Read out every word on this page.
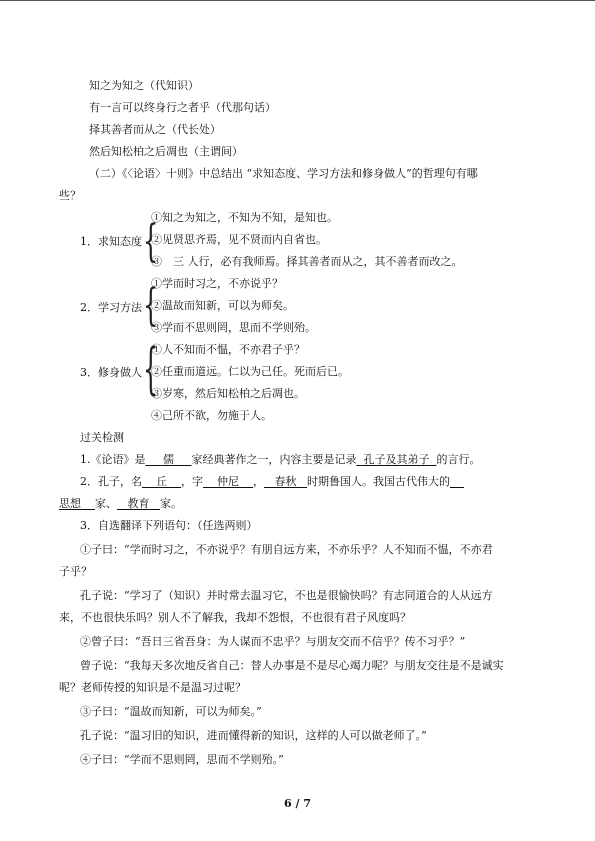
知之为知之（代知识）
有一言可以终身行之者乎（代那句话）
择其善者而从之（代长处）
然后知松柏之后凋也（主谓间）
（二）《〈论语〉十则》中总结出 “求知态度、学习方法和修身做人”的哲理句有哪
些？
1．求知态度 {
①知之为知之，不知为不知，是知也。
②见贤思齐焉，见不贤而内自省也。
③　三 人行，必有我师焉。择其善者而从之，其不善者而改之。
2．学习方法 {
①学而时习之，不亦说乎？
②温故而知新，可以为师矣。
③学而不思则罔，思而不学则殆。
3．修身做人 {
①人不知而不愠，不亦君子乎？
②任重而道远。仁以为己任。死而后已。
③岁寒，然后知松柏之后凋也。
④己所不欲，勿施于人。
过关检测
1.《论语》是 儒 家经典著作之一，内容主要是记录 孔子及其弟子 的言行。
2．孔子，名 丘 ，字 仲尼 ， 春秋 时期鲁国人。我国古代伟大的
思想 家、 教育 家。
3．自选翻译下列语句：（任选两则）
①子曰：“学而时习之，不亦说乎？有朋自远方来，不亦乐乎？人不知而不愠，不亦君
子乎？
孔子说：“学习了（知识）并时常去温习它，不也是很愉快吗？有志同道合的人从远方
来，不也很快乐吗？别人不了解我，我却不怨恨，不也很有君子风度吗？
②曾子曰：“吾日三省吾身：为人谋而不忠乎？与朋友交而不信乎？传不习乎？”
曾子说：“我每天多次地反省自己：替人办事是不是尽心竭力呢？与朋友交往是不是诚实
呢？老师传授的知识是不是温习过呢？
③子曰：“温故而知新，可以为师矣。”
孔子说：“温习旧的知识，进而懂得新的知识，这样的人可以做老师了。”
④子曰：“学而不思则罔，思而不学则殆。”
6 / 7
